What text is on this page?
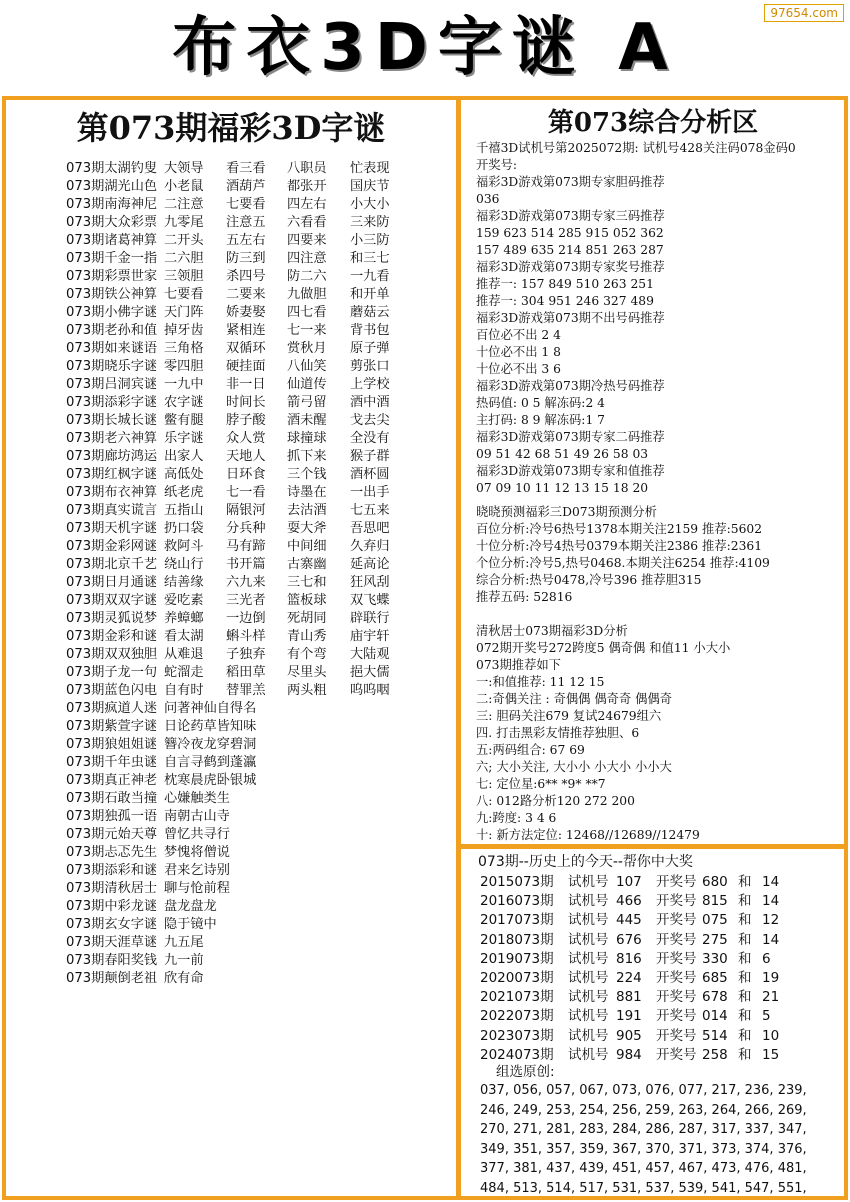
97654.com
布衣3D字谜 A
第073期福彩3D字谜
073期太湖钓叟 大领导 看三看 八职员 忙表现
073期湖光山色 小老鼠 酒葫芦 都张开 国庆节
073期南海神尼 二注意 七要看 四左右 小大小
073期大众彩票 九零尾 注意五 六看看 三来防
073期诸葛神算 二开头 五左右 四要来 小三防
073期千金一指 二六胆 防三到 四注意 和三七
073期彩票世家 三领胆 杀四号 防二六 一九看
073期铁公神算 七要看 二要来 九做胆 和开单
073期小佛字谜 天门阵 娇妻娶 四七看 蘑菇云
073期老孙和值 掉牙齿 紧相连 七一来 背书包
073期如来谜语 三角格 双循环 赏秋月 原子弹
073期晓乐字谜 零四胆 硬挂面 八仙笑 剪张口
073期吕洞宾谜 一九中 非一日 仙道传 上学校
073期添彩字谜 农字谜 时间长 箭弓留 酒中酒
073期长城长谜 鳖有腿 脖子酸 酒未醒 戈去尖
073期老六神算 乐字谜 众人赏 球撞球 全没有
073期廊坊鸿运 出家人 天地人 抓下来 猴子群
073期红枫字谜 高低处 日环食 三个钱 酒杯圆
073期布衣神算 纸老虎 七一看 诗墨在 一出手
073期真实谎言 五指山 隔银河 去沽酒 七五来
073期天机字谜 扔口袋 分兵种 耍大斧 吾思吧
073期金彩网谜 救阿斗 马有蹄 中间细 久弃归
073期北京千艺 绕山行 书开篇 古寨幽 延高论
073期日月通谜 结善缘 六九来 三七和 狂风刮
073期双双字谜 爱吃素 三光者 篮板球 双飞蝶
073期灵狐说梦 养蟑螂 一边倒 死胡同 辟联行
073期金彩和谜 看太湖 蝌斗样 青山秀 庙宇轩
073期双双独胆 从难退 子独弃 有个弯 大陆观
073期子龙一句 蛇溜走 稻田草 尽里头 挹大儒
073期蓝色闪电 自有时 替罪羔 两头粗 呜呜咽
073期疯道人迷 问著神仙自得名
073期紫萱字谜 日论药草皆知味
073期狼姐姐谜 簪冷夜龙穿碧洞
073期千年虫谜 自言寻鹤到蓬瀛
073期真正神老 枕寒晨虎卧银城
073期石敢当撞 心嫌触类生
073期独孤一语 南朝古山寺
073期元始天尊 曾忆共寻行
073期忐忑先生 梦愧将僧说
073期添彩和谜 君来乞诗别
073期清秋居士 聊与怆前程
073期中彩龙谜 盘龙盘龙
073期玄女字谜 隐于镜中
073期天涯草谜 九五尾
073期春阳奖钱 九一前
073期颠倒老祖 欣有命
第073综合分析区
千禧3D试机号第2025072期: 试机号428关注码078金码0
开奖号:
福彩3D游戏第073期专家胆码推荐
036
福彩3D游戏第073期专家三码推荐
159 623 514 285 915 052 362
157 489 635 214 851 263 287
福彩3D游戏第073期专家奖号推荐
推荐一: 157 849 510 263 251
推荐一: 304 951 246 327 489
福彩3D游戏第073期不出号码推荐
百位必不出 2 4
十位必不出 1 8
十位必不出 3 6
福彩3D游戏第073期冷热号码推荐
热码值: 0 5 解冻码:2 4
主打码: 8 9 解冻码:1 7
福彩3D游戏第073期专家二码推荐
09 51 42 68 51 49 26 58 03
福彩3D游戏第073期专家和值推荐
07 09 10 11 12 13 15 18 20
晓晓预测福彩三D073期预测分析
百位分析:冷号6热号1378本期关注2159 推荐:5602
十位分析:冷号4热号0379本期关注2386 推荐:2361
个位分析:冷号5,热号0468.本期关注6254 推荐:4109
综合分析:热号0478,冷号396 推荐胆315
推荐五码: 52816
清秋居士073期福彩3D分析
072期开奖号272跨度5 偶奇偶 和值11 小大小
073期推荐如下
一:和值推荐: 11 12 15
二:奇偶关注 : 奇偶偶 偶奇奇 偶偶奇
三: 胆码关注679 复试24679组六
四. 打击黑彩友情推荐独胆、6
五:两码组合: 67 69
六; 大小关注, 大小小 小大小 小小大
七: 定位星:6** *9* **7
八: 012路分析120 272 200
九:跨度: 3 4 6
十: 新方法定位: 12468//12689//12479
073期--历史上的今天--帮你中大奖
2015073期 试机号 107 开奖号 680 和 14
2016073期 试机号 466 开奖号 815 和 14
2017073期 试机号 445 开奖号 075 和 12
2018073期 试机号 676 开奖号 275 和 14
2019073期 试机号 816 开奖号 330 和 6
2020073期 试机号 224 开奖号 685 和 19
2021073期 试机号 881 开奖号 678 和 21
2022073期 试机号 191 开奖号 014 和 5
2023073期 试机号 905 开奖号 514 和 10
2024073期 试机号 984 开奖号 258 和 15
组选原创:
037, 056, 057, 067, 073, 076, 077, 217, 236, 239,
246, 249, 253, 254, 256, 259, 263, 264, 266, 269,
270, 271, 281, 283, 284, 286, 287, 317, 337, 347,
349, 351, 357, 359, 367, 370, 371, 373, 374, 376,
377, 381, 437, 439, 451, 457, 467, 473, 476, 481,
484, 513, 514, 517, 531, 537, 539, 541, 547, 551,
